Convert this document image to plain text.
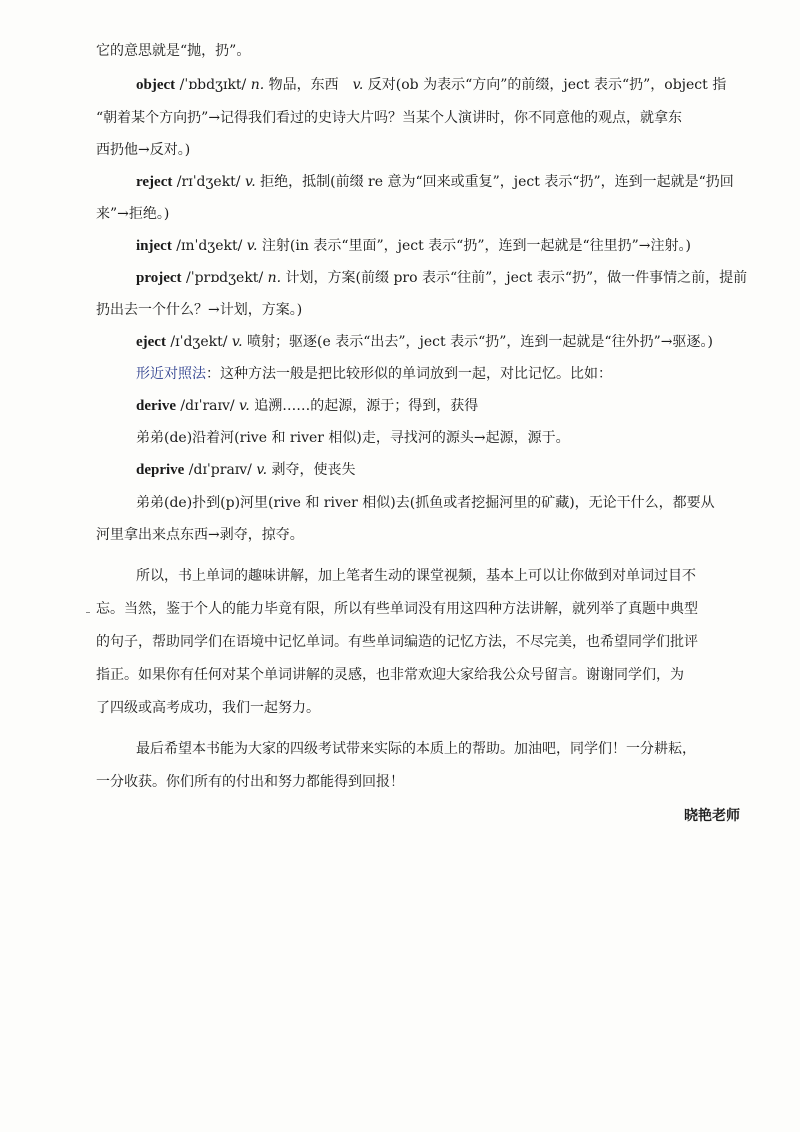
它的意思就是“抛，扔”。
object /ˈɒbdʒɪkt/ n. 物品，东西　v. 反对(ob 为表示“方向”的前缀，ject 表示“扔”，object 指
“朝着某个方向扔”→记得我们看过的史诗大片吗？当某个人演讲时，你不同意他的观点，就拿东
西扔他→反对。)
reject /rɪˈdʒekt/ v. 拒绝，抵制(前缀 re 意为“回来或重复”，ject 表示“扔”，连到一起就是“扔回
来”→拒绝。)
inject /ɪnˈdʒekt/ v. 注射(in 表示“里面”，ject 表示“扔”，连到一起就是“往里扔”→注射。)
project /ˈprɒdʒekt/ n. 计划，方案(前缀 pro 表示“往前”，ject 表示“扔”，做一件事情之前，提前
扔出去一个什么？→计划，方案。)
eject /ɪˈdʒekt/ v. 喷射；驱逐(e 表示“出去”，ject 表示“扔”，连到一起就是“往外扔”→驱逐。)
形近对照法：这种方法一般是把比较形似的单词放到一起，对比记忆。比如：
derive /dɪˈraɪv/ v. 追溯……的起源，源于；得到，获得
弟弟(de)沿着河(rive 和 river 相似)走，寻找河的源头→起源，源于。
deprive /dɪˈpraɪv/ v. 剥夺，使丧失
弟弟(de)扑到(p)河里(rive 和 river 相似)去(抓鱼或者挖掘河里的矿藏)，无论干什么，都要从
河里拿出来点东西→剥夺，掠夺。
所以，书上单词的趣味讲解，加上笔者生动的课堂视频，基本上可以让你做到对单词过目不
忘。当然，鉴于个人的能力毕竟有限，所以有些单词没有用这四种方法讲解，就列举了真题中典型
的句子，帮助同学们在语境中记忆单词。有些单词编造的记忆方法，不尽完美，也希望同学们批评
指正。如果你有任何对某个单词讲解的灵感，也非常欢迎大家给我公众号留言。谢谢同学们，为
了四级或高考成功，我们一起努力。
最后希望本书能为大家的四级考试带来实际的本质上的帮助。加油吧，同学们！一分耕耘，
一分收获。你们所有的付出和努力都能得到回报！
晓艳老师
